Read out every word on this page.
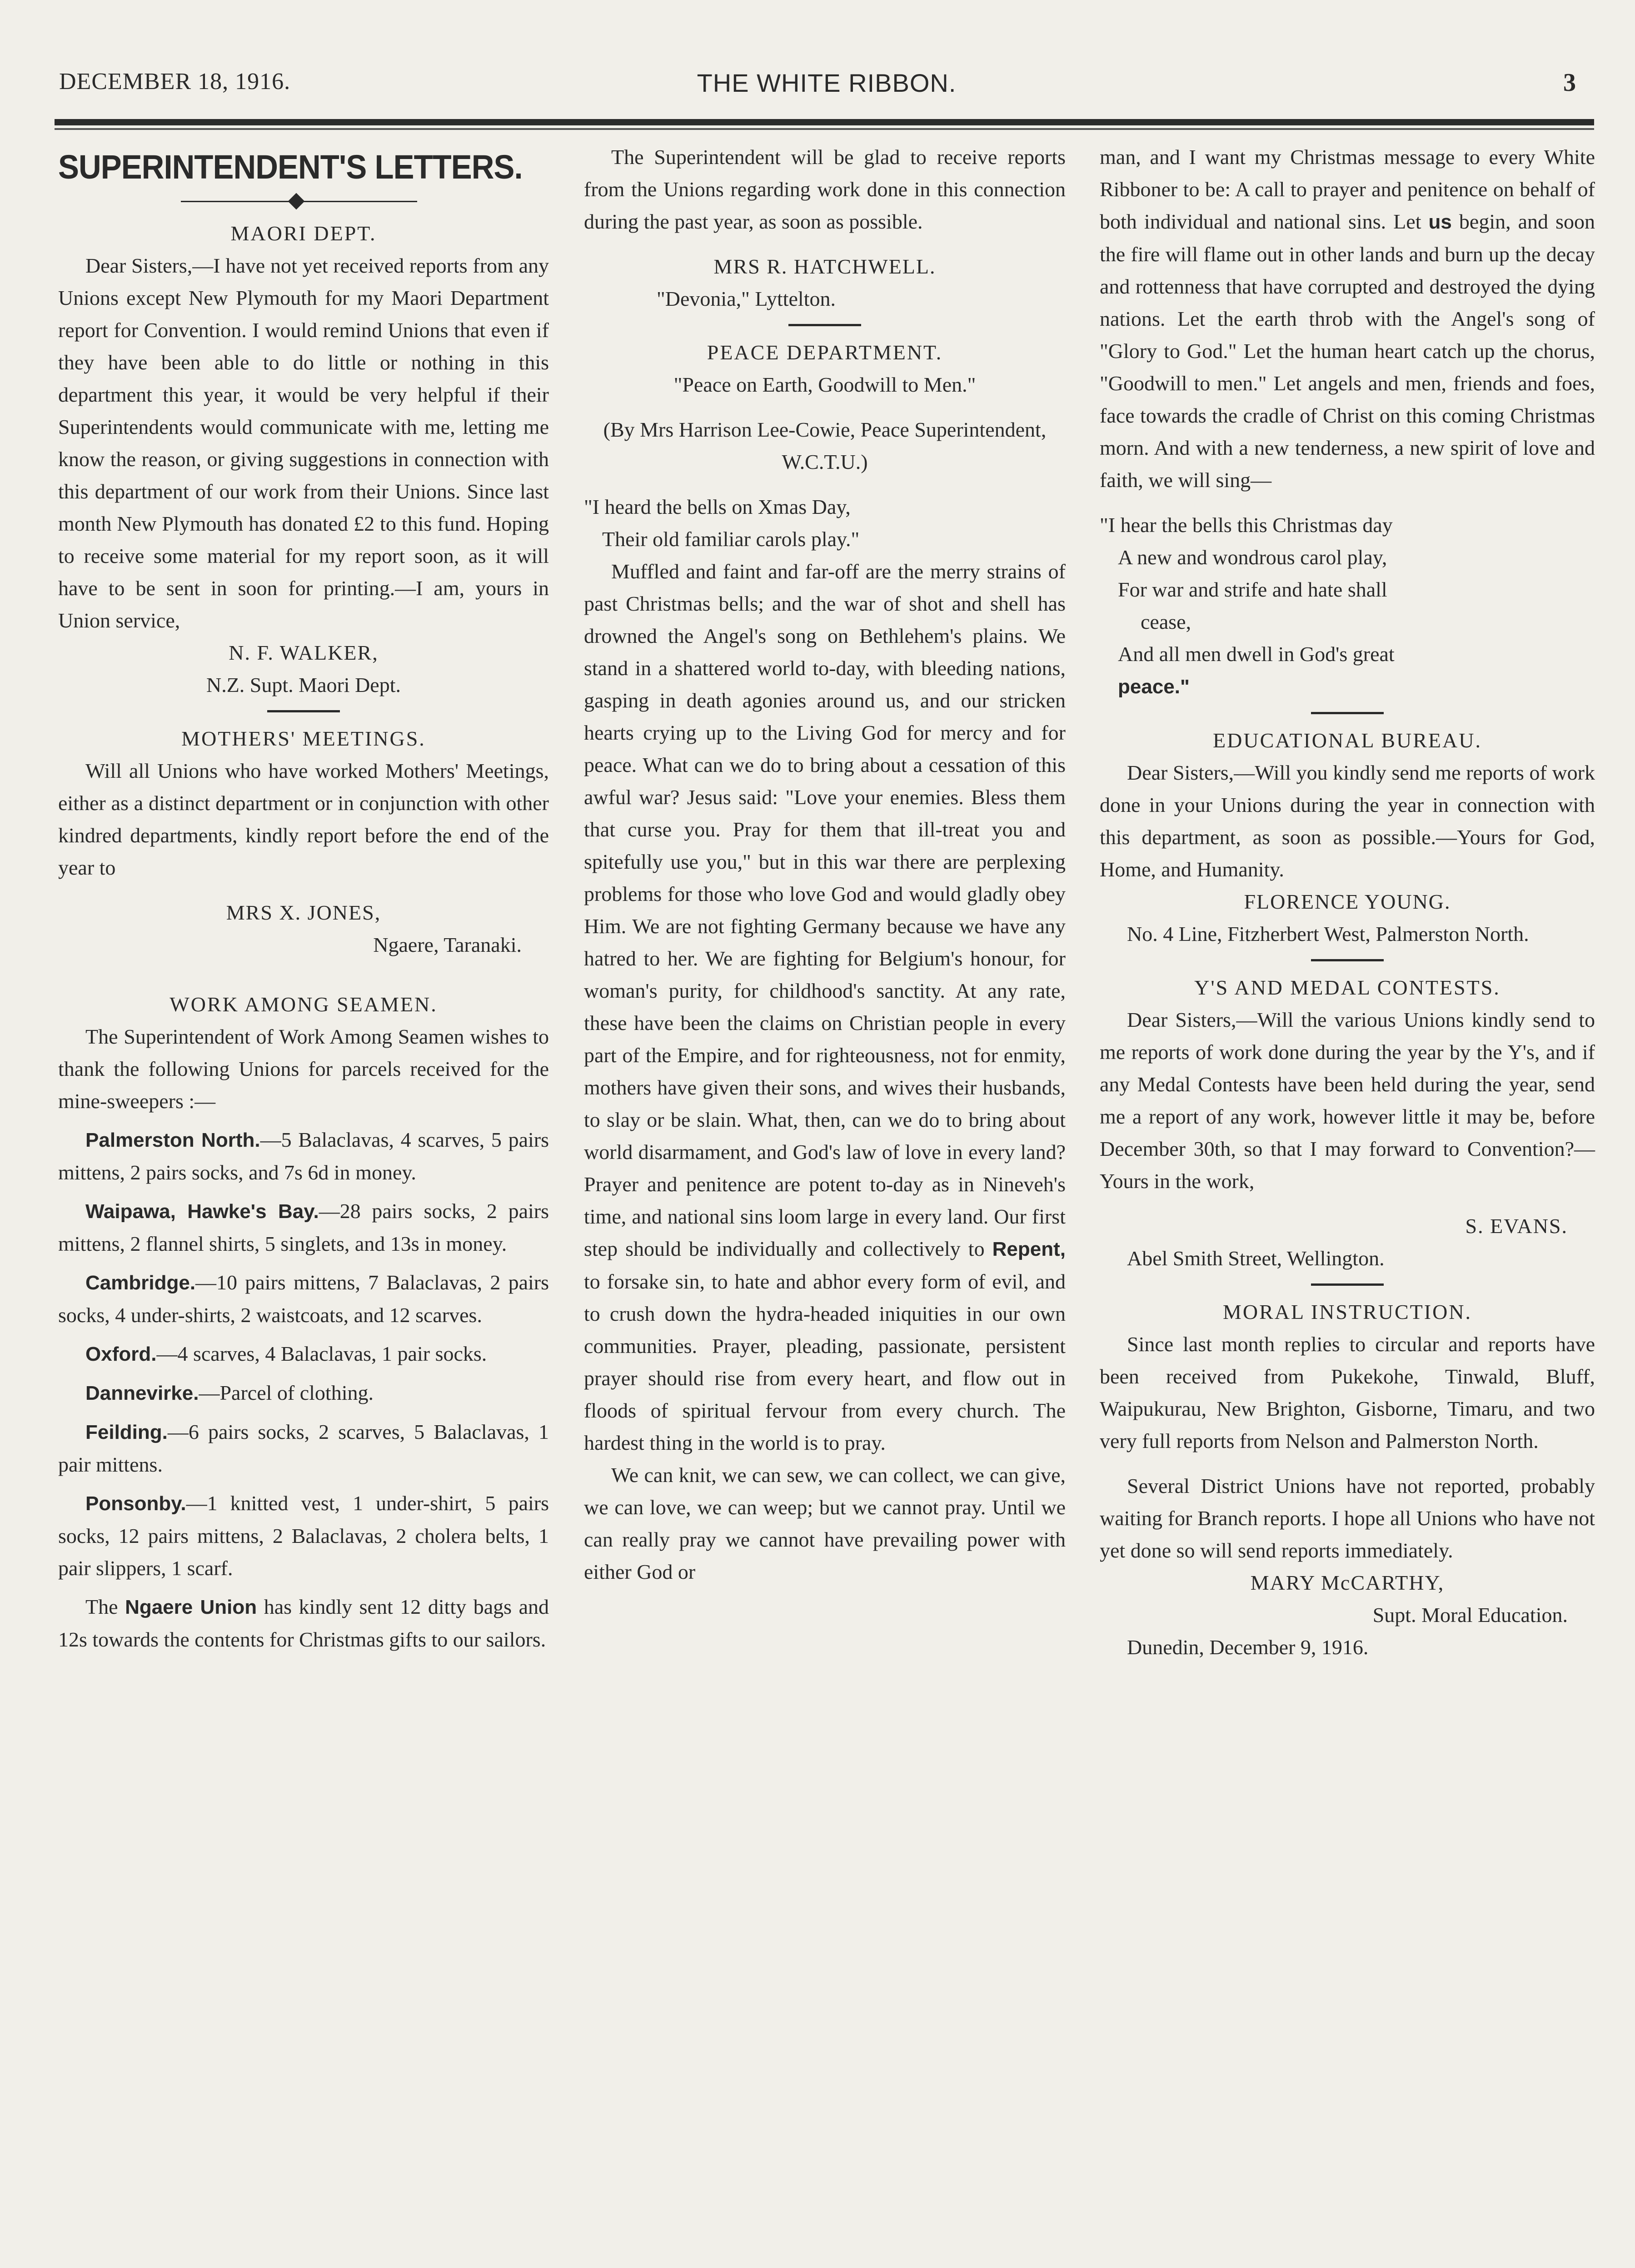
DECEMBER 18, 1916.	THE WHITE RIBBON.	3
SUPERINTENDENT'S LETTERS.
MAORI DEPT.

Dear Sisters,—I have not yet received reports from any Unions except New Plymouth for my Maori Department report for Convention. I would remind Unions that even if they have been able to do little or nothing in this department this year, it would be very helpful if their Superintendents would communicate with me, letting me know the reason, or giving suggestions in connection with this department of our work from their Unions. Since last month New Plymouth has donated £2 to this fund. Hoping to receive some material for my report soon, as it will have to be sent in soon for printing.—I am, yours in Union service,

N. F. WALKER,

N.Z. Supt. Maori Dept.

MOTHERS' MEETINGS.

Will all Unions who have worked Mothers' Meetings, either as a distinct department or in conjunction with other kindred departments, kindly report before the end of the year to

MRS X. JONES,

Ngaere, Taranaki.

WORK AMONG SEAMEN.

The Superintendent of Work Among Seamen wishes to thank the following Unions for parcels received for the mine-sweepers :—

Palmerston North.—5 Balaclavas, 4 scarves, 5 pairs mittens, 2 pairs socks, and 7s 6d in money.

Waipawa, Hawke's Bay.—28 pairs socks, 2 pairs mittens, 2 flannel shirts, 5 singlets, and 13s in money.

Cambridge.—10 pairs mittens, 7 Balaclavas, 2 pairs socks, 4 under-shirts, 2 waistcoats, and 12 scarves.

Oxford.—4 scarves, 4 Balaclavas, 1 pair socks.

Dannevirke.—Parcel of clothing.

Feilding.—6 pairs socks, 2 scarves, 5 Balaclavas, 1 pair mittens.

Ponsonby.—1 knitted vest, 1 under-shirt, 5 pairs socks, 12 pairs mittens, 2 Balaclavas, 2 cholera belts, 1 pair slippers, 1 scarf.

The Ngaere Union has kindly sent 12 ditty bags and 12s towards the contents for Christmas gifts to our sailors.

The Superintendent will be glad to receive reports from the Unions regarding work done in this connection during the past year, as soon as possible.

MRS R. HATCHWELL.

"Devonia," Lyttelton.

PEACE DEPARTMENT.

"Peace on Earth, Goodwill to Men."

(By Mrs Harrison Lee-Cowie, Peace Superintendent, W.C.T.U.)

"I heard the bells on Xmas Day,

Their old familiar carols play."

Muffled and faint and far-off are the merry strains of past Christmas bells; and the war of shot and shell has drowned the Angel's song on Bethlehem's plains. We stand in a shattered world to-day, with bleeding nations, gasping in death agonies around us, and our stricken hearts crying up to the Living God for mercy and for peace. What can we do to bring about a cessation of this awful war? Jesus said: "Love your enemies. Bless them that curse you. Pray for them that ill-treat you and spitefully use you," but in this war there are perplexing problems for those who love God and would gladly obey Him. We are not fighting Germany because we have any hatred to her. We are fighting for Belgium's honour, for woman's purity, for childhood's sanctity. At any rate, these have been the claims on Christian people in every part of the Empire, and for righteousness, not for enmity, mothers have given their sons, and wives their husbands, to slay or be slain. What, then, can we do to bring about world disarmament, and God's law of love in every land? Prayer and penitence are potent to-day as in Nineveh's time, and national sins loom large in every land. Our first step should be individually and collectively to Repent, to forsake sin, to hate and abhor every form of evil, and to crush down the hydra-headed iniquities in our own communities. Prayer, pleading, passionate, persistent prayer should rise from every heart, and flow out in floods of spiritual fervour from every church. The hardest thing in the world is to pray.

We can knit, we can sew, we can collect, we can give, we can love, we can weep; but we cannot pray. Until we can really pray we cannot have prevailing power with either God or

man, and I want my Christmas message to every White Ribboner to be: A call to prayer and penitence on behalf of both individual and national sins. Let us begin, and soon the fire will flame out in other lands and burn up the decay and rottenness that have corrupted and destroyed the dying nations. Let the earth throb with the Angel's song of "Glory to God." Let the human heart catch up the chorus, "Goodwill to men." Let angels and men, friends and foes, face towards the cradle of Christ on this coming Christmas morn. And with a new tenderness, a new spirit of love and faith, we will sing—

"I hear the bells this Christmas day

A new and wondrous carol play,

For war and strife and hate shall

cease,

And all men dwell in God's great

peace."

EDUCATIONAL BUREAU.

Dear Sisters,—Will you kindly send me reports of work done in your Unions during the year in connection with this department, as soon as possible.—Yours for God, Home, and Humanity.

FLORENCE YOUNG.

No. 4 Line, Fitzherbert West, Palmerston North.

Y'S AND MEDAL CONTESTS.

Dear Sisters,—Will the various Unions kindly send to me reports of work done during the year by the Y's, and if any Medal Contests have been held during the year, send me a report of any work, however little it may be, before December 30th, so that I may forward to Convention?—Yours in the work,

S. EVANS.

Abel Smith Street, Wellington.

MORAL INSTRUCTION.

Since last month replies to circular and reports have been received from Pukekohe, Tinwald, Bluff, Waipukurau, New Brighton, Gisborne, Timaru, and two very full reports from Nelson and Palmerston North.

Several District Unions have not reported, probably waiting for Branch reports. I hope all Unions who have not yet done so will send reports immediately.

MARY McCARTHY,

Supt. Moral Education.

Dunedin, December 9, 1916.
